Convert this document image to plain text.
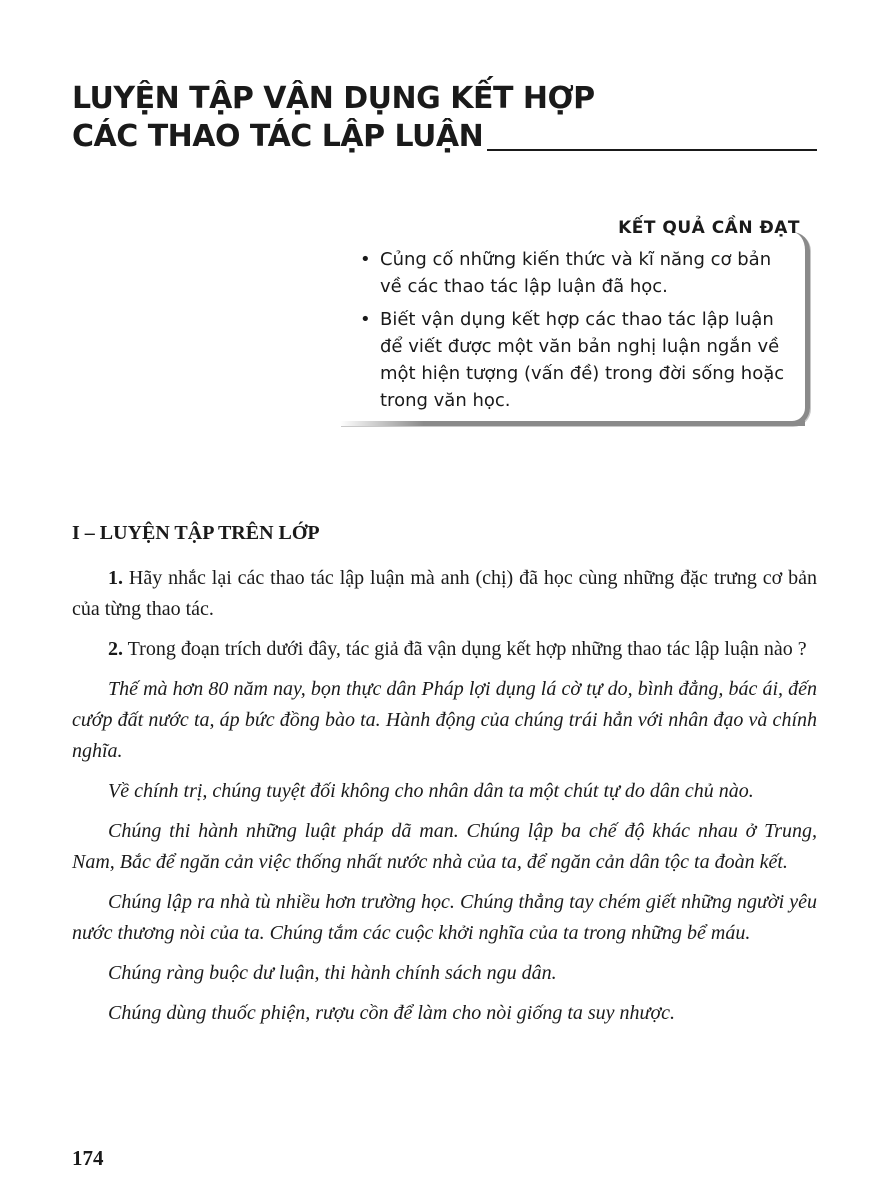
LUYỆN TẬP VẬN DỤNG KẾT HỢP
CÁC THAO TÁC LẬP LUẬN
KẾT QUẢ CẦN ĐẠT
• Củng cố những kiến thức và kĩ năng cơ bản về các thao tác lập luận đã học.
• Biết vận dụng kết hợp các thao tác lập luận để viết được một văn bản nghị luận ngắn về một hiện tượng (vấn đề) trong đời sống hoặc trong văn học.
I – LUYỆN TẬP TRÊN LỚP

1. Hãy nhắc lại các thao tác lập luận mà anh (chị) đã học cùng những đặc trưng cơ bản của từng thao tác.

2. Trong đoạn trích dưới đây, tác giả đã vận dụng kết hợp những thao tác lập luận nào ?

Thế mà hơn 80 năm nay, bọn thực dân Pháp lợi dụng lá cờ tự do, bình đẳng, bác ái, đến cướp đất nước ta, áp bức đồng bào ta. Hành động của chúng trái hẳn với nhân đạo và chính nghĩa.

Về chính trị, chúng tuyệt đối không cho nhân dân ta một chút tự do dân chủ nào.

Chúng thi hành những luật pháp dã man. Chúng lập ba chế độ khác nhau ở Trung, Nam, Bắc để ngăn cản việc thống nhất nước nhà của ta, để ngăn cản dân tộc ta đoàn kết.

Chúng lập ra nhà tù nhiều hơn trường học. Chúng thẳng tay chém giết những người yêu nước thương nòi của ta. Chúng tắm các cuộc khởi nghĩa của ta trong những bể máu.

Chúng ràng buộc dư luận, thi hành chính sách ngu dân.

Chúng dùng thuốc phiện, rượu cồn để làm cho nòi giống ta suy nhược.

174
